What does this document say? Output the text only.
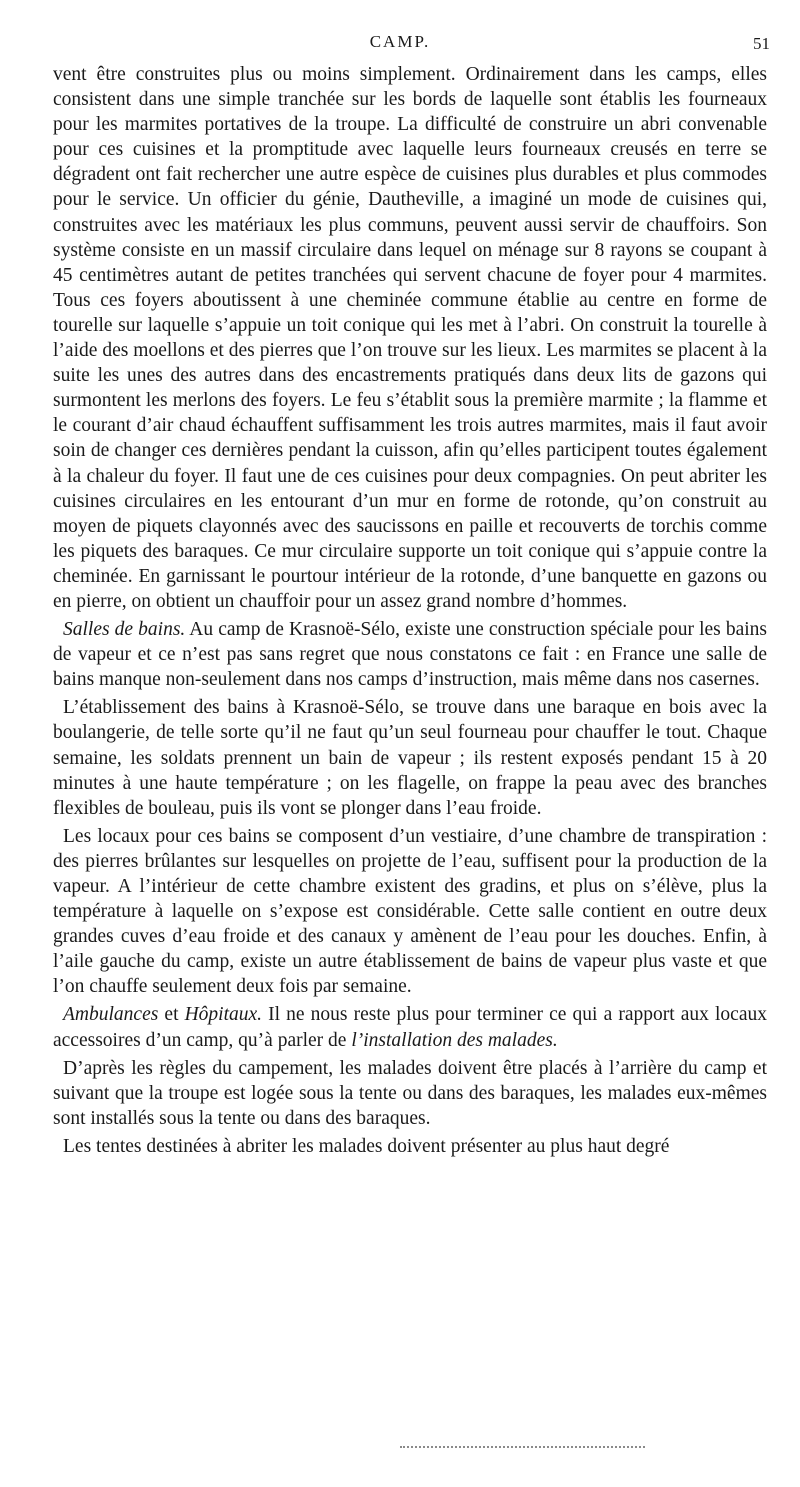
CAMP.	51

vent être construites plus ou moins simplement. Ordinairement dans les camps, elles consistent dans une simple tranchée sur les bords de laquelle sont établis les fourneaux pour les marmites portatives de la troupe. La difficulté de construire un abri convenable pour ces cuisines et la promptitude avec laquelle leurs fourneaux creusés en terre se dégradent ont fait rechercher une autre espèce de cuisines plus durables et plus commodes pour le service. Un officier du génie, Dautheville, a imaginé un mode de cuisines qui, construites avec les matériaux les plus communs, peuvent aussi servir de chauffoirs. Son système consiste en un massif circulaire dans lequel on ménage sur 8 rayons se coupant à 45 centimètres autant de petites tranchées qui servent chacune de foyer pour 4 marmites. Tous ces foyers aboutissent à une cheminée commune établie au centre en forme de tourelle sur laquelle s’appuie un toit conique qui les met à l’abri. On construit la tourelle à l’aide des moellons et des pierres que l’on trouve sur les lieux. Les marmites se placent à la suite les unes des autres dans des encastrements pratiqués dans deux lits de gazons qui surmontent les merlons des foyers. Le feu s’établit sous la première marmite ; la flamme et le courant d’air chaud échauffent suffisamment les trois autres marmites, mais il faut avoir soin de changer ces dernières pendant la cuisson, afin qu’elles participent toutes également à la chaleur du foyer. Il faut une de ces cuisines pour deux compagnies. On peut abriter les cuisines circulaires en les entourant d’un mur en forme de rotonde, qu’on construit au moyen de piquets clayonnés avec des saucissons en paille et recouverts de torchis comme les piquets des baraques. Ce mur circulaire supporte un toit conique qui s’appuie contre la cheminée. En garnissant le pourtour intérieur de la rotonde, d’une banquette en gazons ou en pierre, on obtient un chauffoir pour un assez grand nombre d’hommes.

Salles de bains. Au camp de Krasnoë-Sélo, existe une construction spéciale pour les bains de vapeur et ce n’est pas sans regret que nous constatons ce fait : en France une salle de bains manque non-seulement dans nos camps d’instruction, mais même dans nos casernes.

L’établissement des bains à Krasnoë-Sélo, se trouve dans une baraque en bois avec la boulangerie, de telle sorte qu’il ne faut qu’un seul fourneau pour chauffer le tout. Chaque semaine, les soldats prennent un bain de vapeur ; ils restent exposés pendant 15 à 20 minutes à une haute température ; on les flagelle, on frappe la peau avec des branches flexibles de bouleau, puis ils vont se plonger dans l’eau froide.

Les locaux pour ces bains se composent d’un vestiaire, d’une chambre de transpiration : des pierres brûlantes sur lesquelles on projette de l’eau, suffisent pour la production de la vapeur. A l’intérieur de cette chambre existent des gradins, et plus on s’élève, plus la température à laquelle on s’expose est considérable. Cette salle contient en outre deux grandes cuves d’eau froide et des canaux y amènent de l’eau pour les douches. Enfin, à l’aile gauche du camp, existe un autre établissement de bains de vapeur plus vaste et que l’on chauffe seulement deux fois par semaine.

Ambulances et Hôpitaux. Il ne nous reste plus pour terminer ce qui a rapport aux locaux accessoires d’un camp, qu’à parler de l’installation des malades.

D’après les règles du campement, les malades doivent être placés à l’arrière du camp et suivant que la troupe est logée sous la tente ou dans des baraques, les malades eux-mêmes sont installés sous la tente ou dans des baraques.

Les tentes destinées à abriter les malades doivent présenter au plus haut degré
